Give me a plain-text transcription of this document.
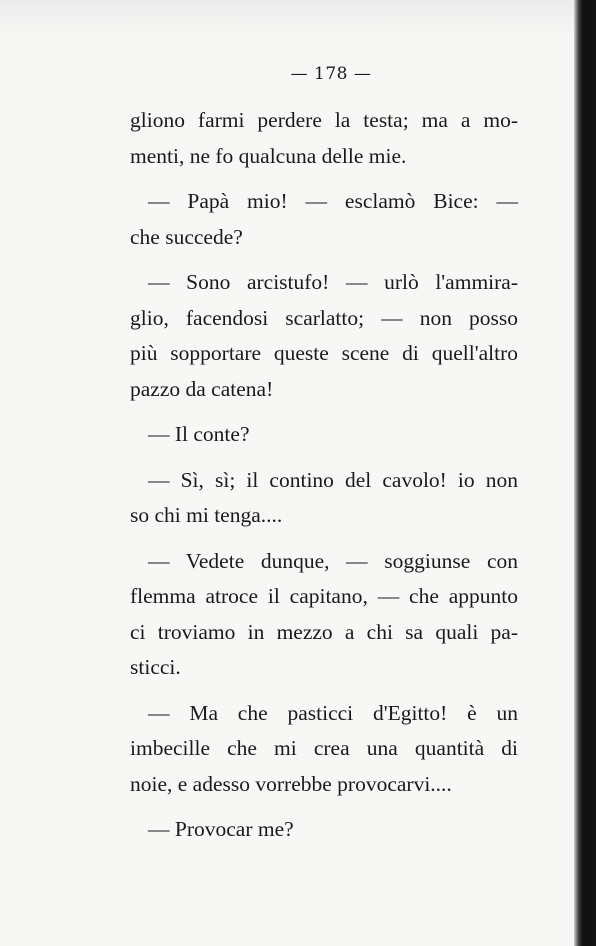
— 178 —
gliono farmi perdere la testa; ma a mo-
menti, ne fo qualcuna delle mie.
— Papà mio! — esclamò Bice: —
che succede?
— Sono arcistufo! — urlò l'ammira-
glio, facendosi scarlatto; — non posso
più sopportare queste scene di quell'altro
pazzo da catena!
— Il conte?
— Sì, sì; il contino del cavolo! io non
so chi mi tenga....
— Vedete dunque, — soggiunse con
flemma atroce il capitano, — che appunto
ci troviamo in mezzo a chi sa quali pa-
sticci.
— Ma che pasticci d'Egitto! è un
imbecille che mi crea una quantità di
noie, e adesso vorrebbe provocarvi....
— Provocar me?
